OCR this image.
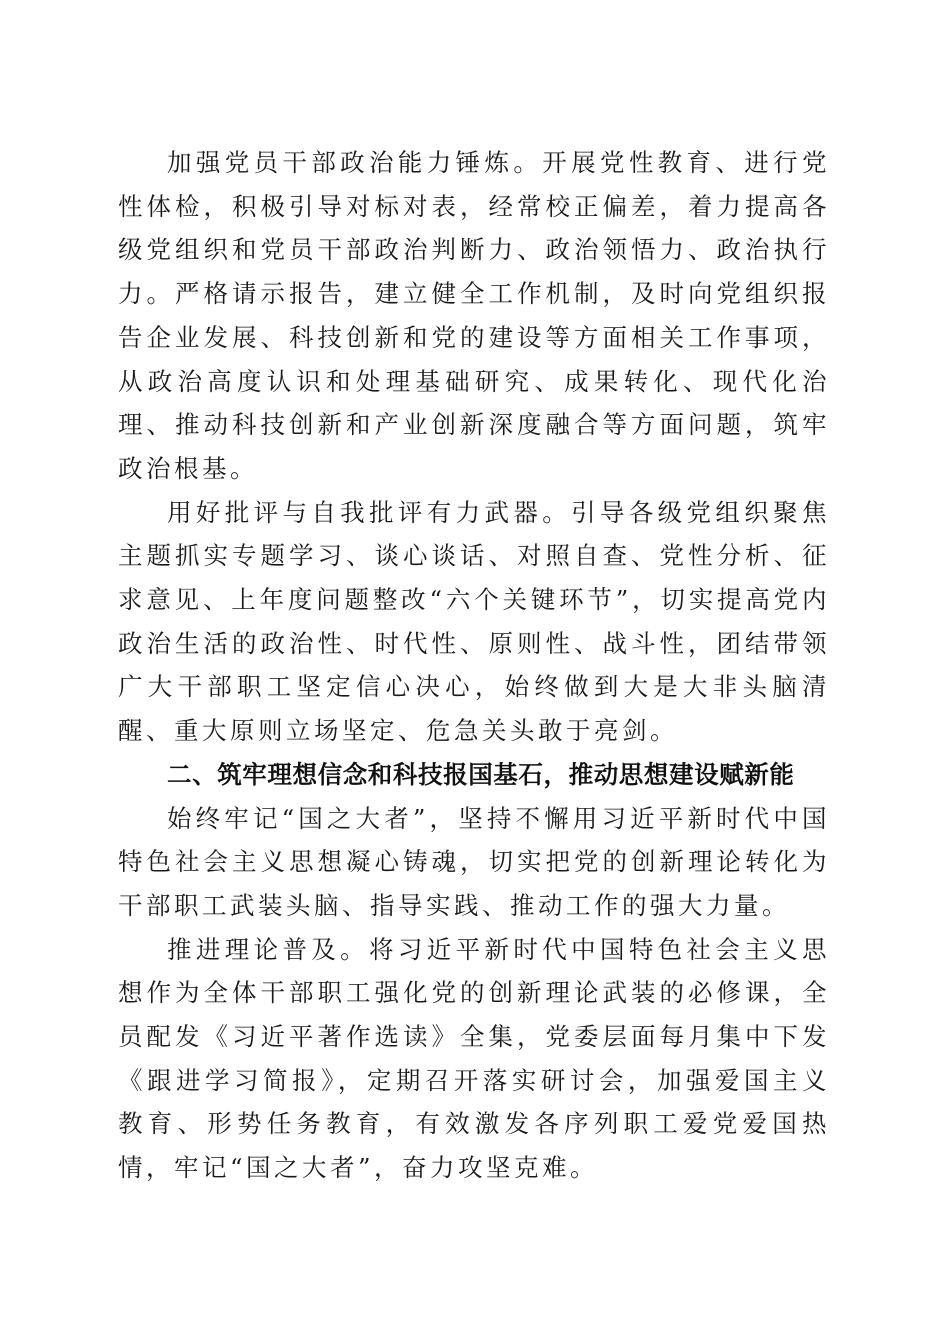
加强党员干部政治能力锤炼。开展党性教育、进行党性体检，积极引导对标对表，经常校正偏差，着力提高各级党组织和党员干部政治判断力、政治领悟力、政治执行力。严格请示报告，建立健全工作机制，及时向党组织报告企业发展、科技创新和党的建设等方面相关工作事项，从政治高度认识和处理基础研究、成果转化、现代化治理、推动科技创新和产业创新深度融合等方面问题，筑牢政治根基。

用好批评与自我批评有力武器。引导各级党组织聚焦主题抓实专题学习、谈心谈话、对照自查、党性分析、征求意见、上年度问题整改“六个关键环节”，切实提高党内政治生活的政治性、时代性、原则性、战斗性，团结带领广大干部职工坚定信心决心，始终做到大是大非头脑清醒、重大原则立场坚定、危急关头敢于亮剑。

二、筑牢理想信念和科技报国基石，推动思想建设赋新能

始终牢记“国之大者”，坚持不懈用习近平新时代中国特色社会主义思想凝心铸魂，切实把党的创新理论转化为干部职工武装头脑、指导实践、推动工作的强大力量。

推进理论普及。将习近平新时代中国特色社会主义思想作为全体干部职工强化党的创新理论武装的必修课，全员配发《习近平著作选读》全集，党委层面每月集中下发《跟进学习简报》，定期召开落实研讨会，加强爱国主义教育、形势任务教育，有效激发各序列职工爱党爱国热情，牢记“国之大者”，奋力攻坚克难。
